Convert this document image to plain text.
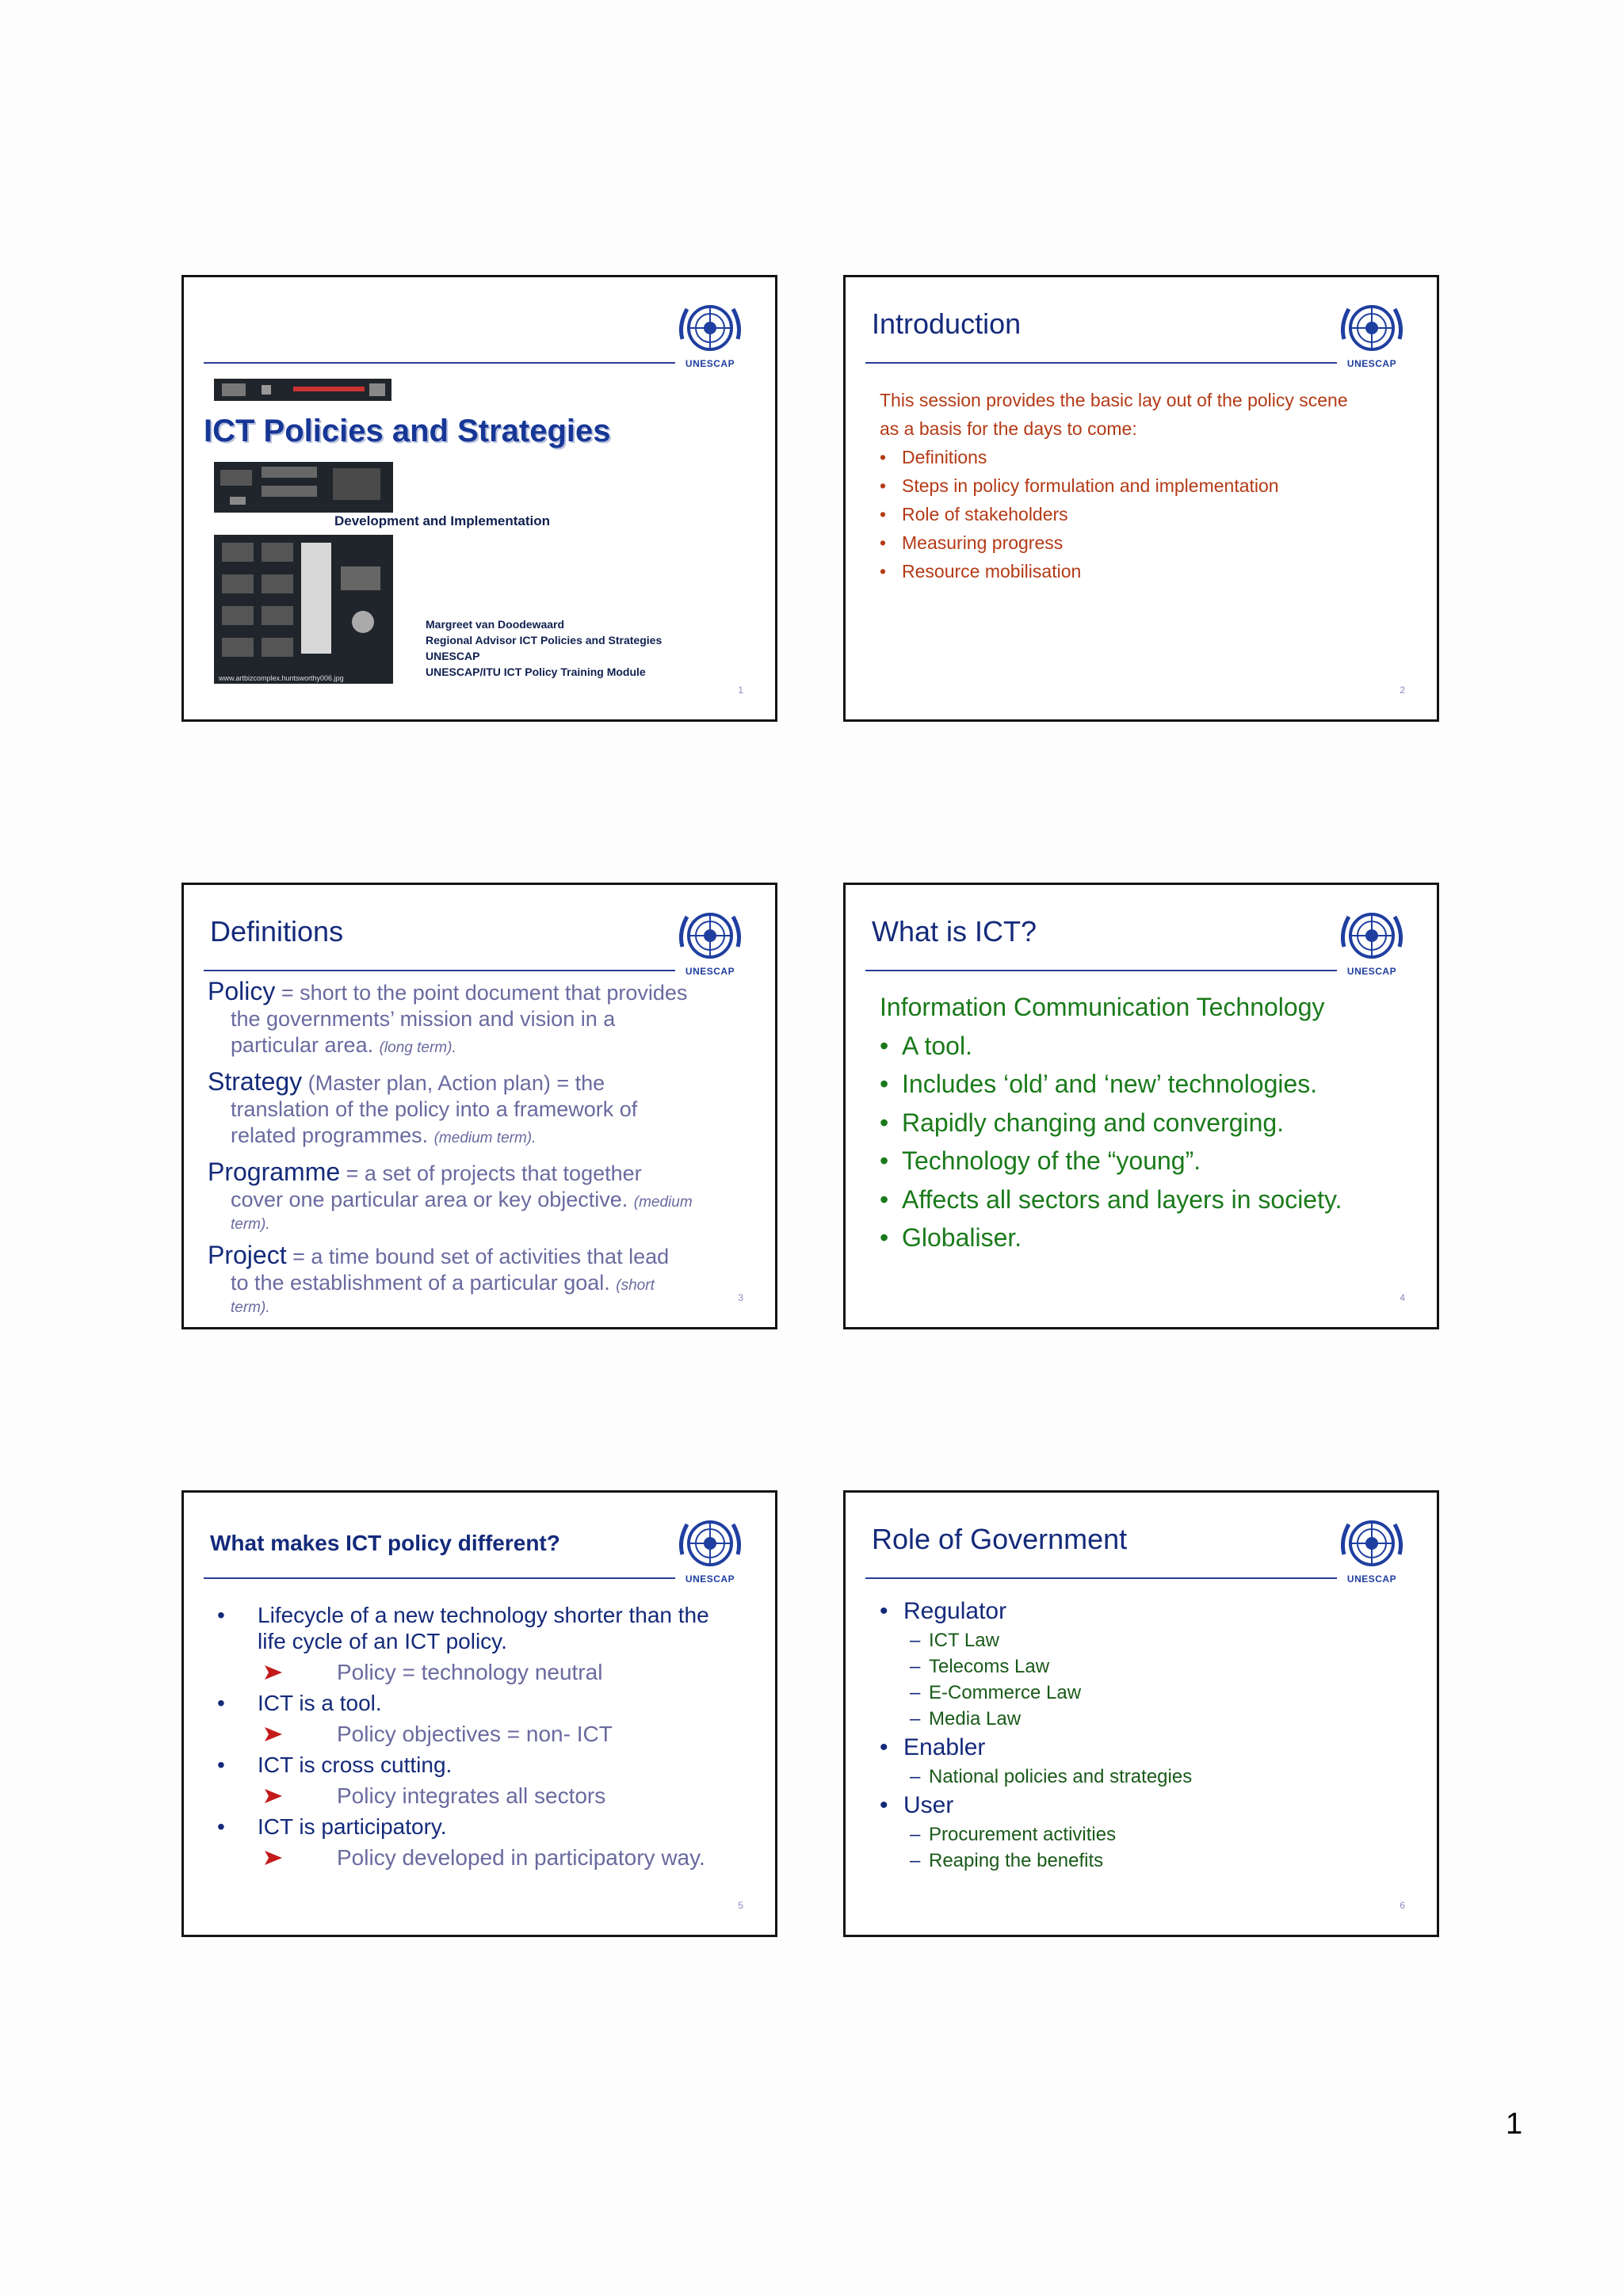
UNESCAP
ICT Policies and Strategies
Development and Implementation
www.artbizcomplex.huntsworthy006.jpg
Margreet van Doodewaard
Regional Advisor ICT Policies and Strategies
UNESCAP
UNESCAP/ITU ICT Policy Training Module
1
Introduction
UNESCAP
This session provides the basic lay out of the policy scene
as a basis for the days to come:
• Definitions
• Steps in policy formulation and implementation
• Role of stakeholders
• Measuring progress
• Resource mobilisation
2
Definitions
UNESCAP
Policy = short to the point document that provides
the governments’ mission and vision in a
particular area. (long term).
Strategy (Master plan, Action plan) = the
translation of the policy into a framework of
related programmes. (medium term).
Programme = a set of projects that together
cover one particular area or key objective. (medium
term).
Project = a time bound set of activities that lead
to the establishment of a particular goal. (short
term).
3
What is ICT?
UNESCAP
Information Communication Technology
• A tool.
• Includes ‘old’ and ‘new’ technologies.
• Rapidly changing and converging.
• Technology of the “young”.
• Affects all sectors and layers in society.
• Globaliser.
4
What makes ICT policy different?
UNESCAP
• Lifecycle of a new technology shorter than the
life cycle of an ICT policy.
Policy = technology neutral
• ICT is a tool.
Policy objectives = non- ICT
• ICT is cross cutting.
Policy integrates all sectors
• ICT is participatory.
Policy developed in participatory way.
5
Role of Government
UNESCAP
• Regulator
– ICT Law
– Telecoms Law
– E-Commerce Law
– Media Law
• Enabler
– National policies and strategies
• User
– Procurement activities
– Reaping the benefits
6
1
